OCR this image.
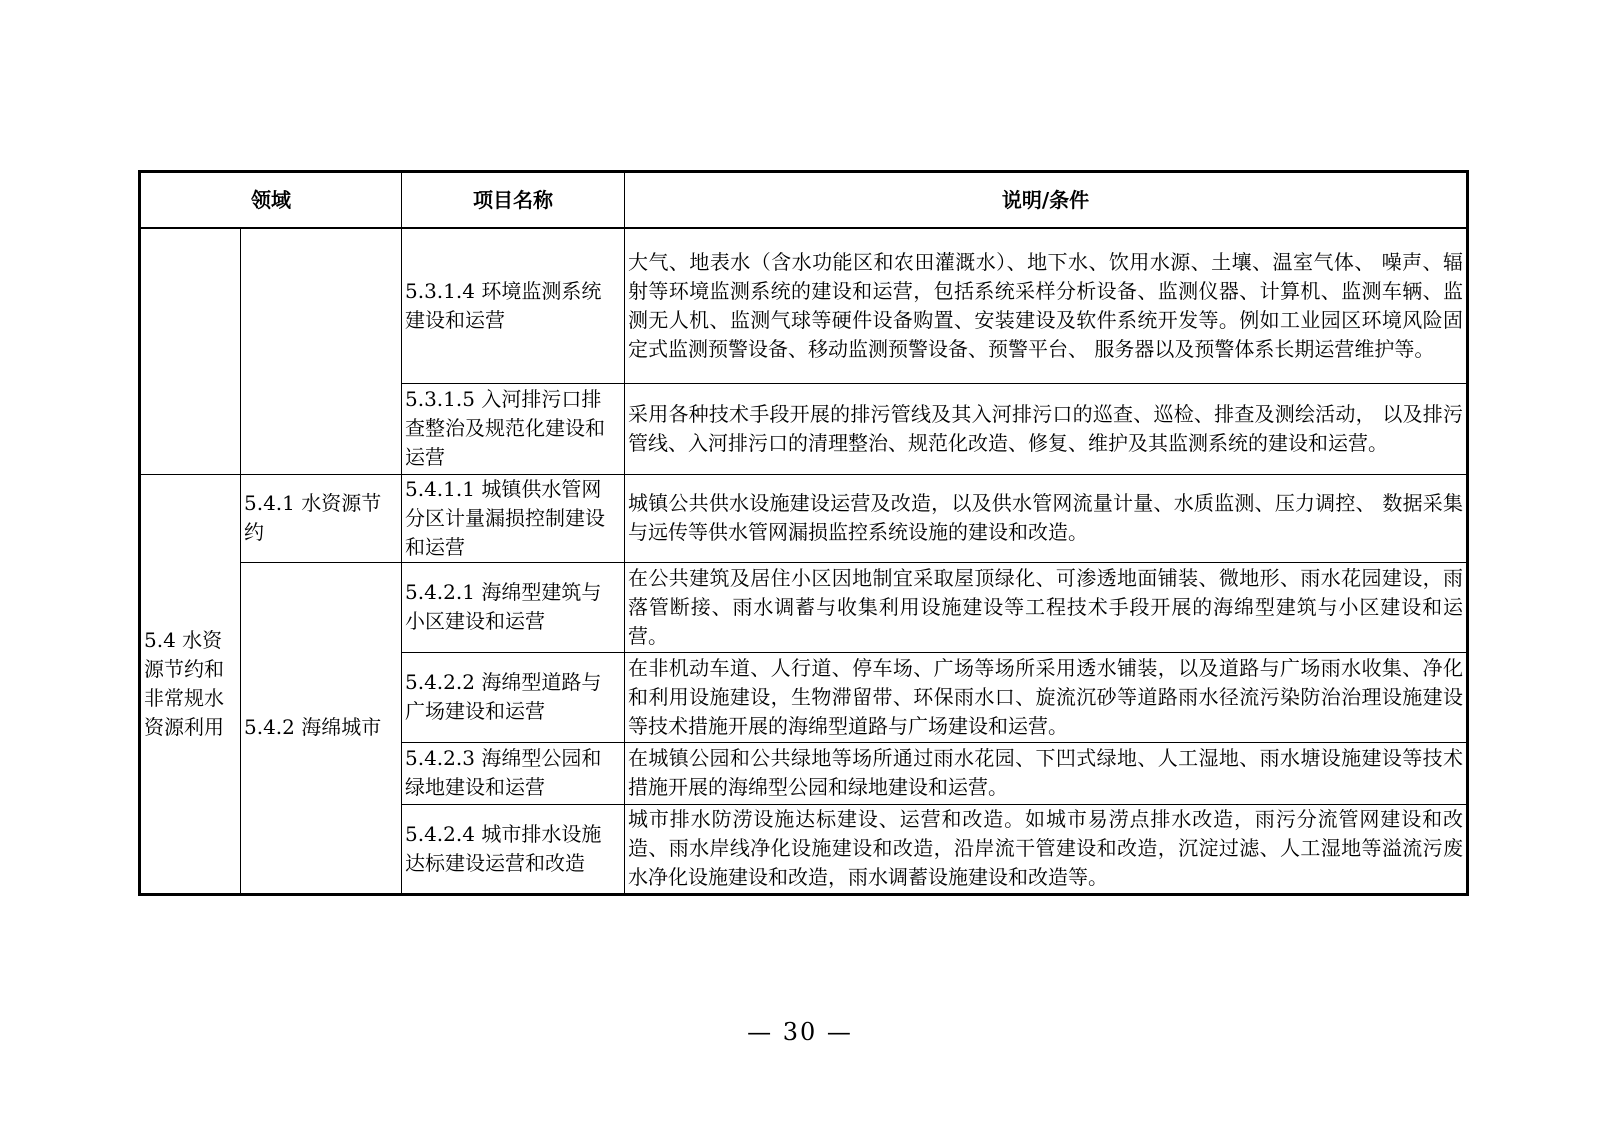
领域		项目名称	说明/条件
		5.3.1.4 环境监测系统建设和运营	大气、地表水（含水功能区和农田灌溉水）、地下水、饮用水源、土壤、温室气体、 噪声、辐射等环境监测系统的建设和运营，包括系统采样分析设备、监测仪器、计算机、监测车辆、监测无人机、监测气球等硬件设备购置、安装建设及软件系统开发等。例如工业园区环境风险固定式监测预警设备、移动监测预警设备、预警平台、 服务器以及预警体系长期运营维护等。
		5.3.1.5 入河排污口排查整治及规范化建设和运营	采用各种技术手段开展的排污管线及其入河排污口的巡查、巡检、排查及测绘活动， 以及排污管线、入河排污口的清理整治、规范化改造、修复、维护及其监测系统的建设和运营。
5.4 水资源节约和非常规水资源利用	5.4.1 水资源节约	5.4.1.1 城镇供水管网分区计量漏损控制建设和运营	城镇公共供水设施建设运营及改造，以及供水管网流量计量、水质监测、压力调控、 数据采集与远传等供水管网漏损监控系统设施的建设和改造。
	5.4.2 海绵城市	5.4.2.1 海绵型建筑与小区建设和运营	在公共建筑及居住小区因地制宜采取屋顶绿化、可渗透地面铺装、微地形、雨水花园建设，雨落管断接、雨水调蓄与收集利用设施建设等工程技术手段开展的海绵型建筑与小区建设和运营。
		5.4.2.2 海绵型道路与广场建设和运营	在非机动车道、人行道、停车场、广场等场所采用透水铺装，以及道路与广场雨水收集、净化和利用设施建设，生物滞留带、环保雨水口、旋流沉砂等道路雨水径流污染防治治理设施建设等技术措施开展的海绵型道路与广场建设和运营。
		5.4.2.3 海绵型公园和绿地建设和运营	在城镇公园和公共绿地等场所通过雨水花园、下凹式绿地、人工湿地、雨水塘设施建设等技术措施开展的海绵型公园和绿地建设和运营。
		5.4.2.4 城市排水设施达标建设运营和改造	城市排水防涝设施达标建设、运营和改造。如城市易涝点排水改造，雨污分流管网建设和改造、雨水岸线净化设施建设和改造，沿岸流干管建设和改造，沉淀过滤、人工湿地等溢流污废水净化设施建设和改造，雨水调蓄设施建设和改造等。
— 30 —
